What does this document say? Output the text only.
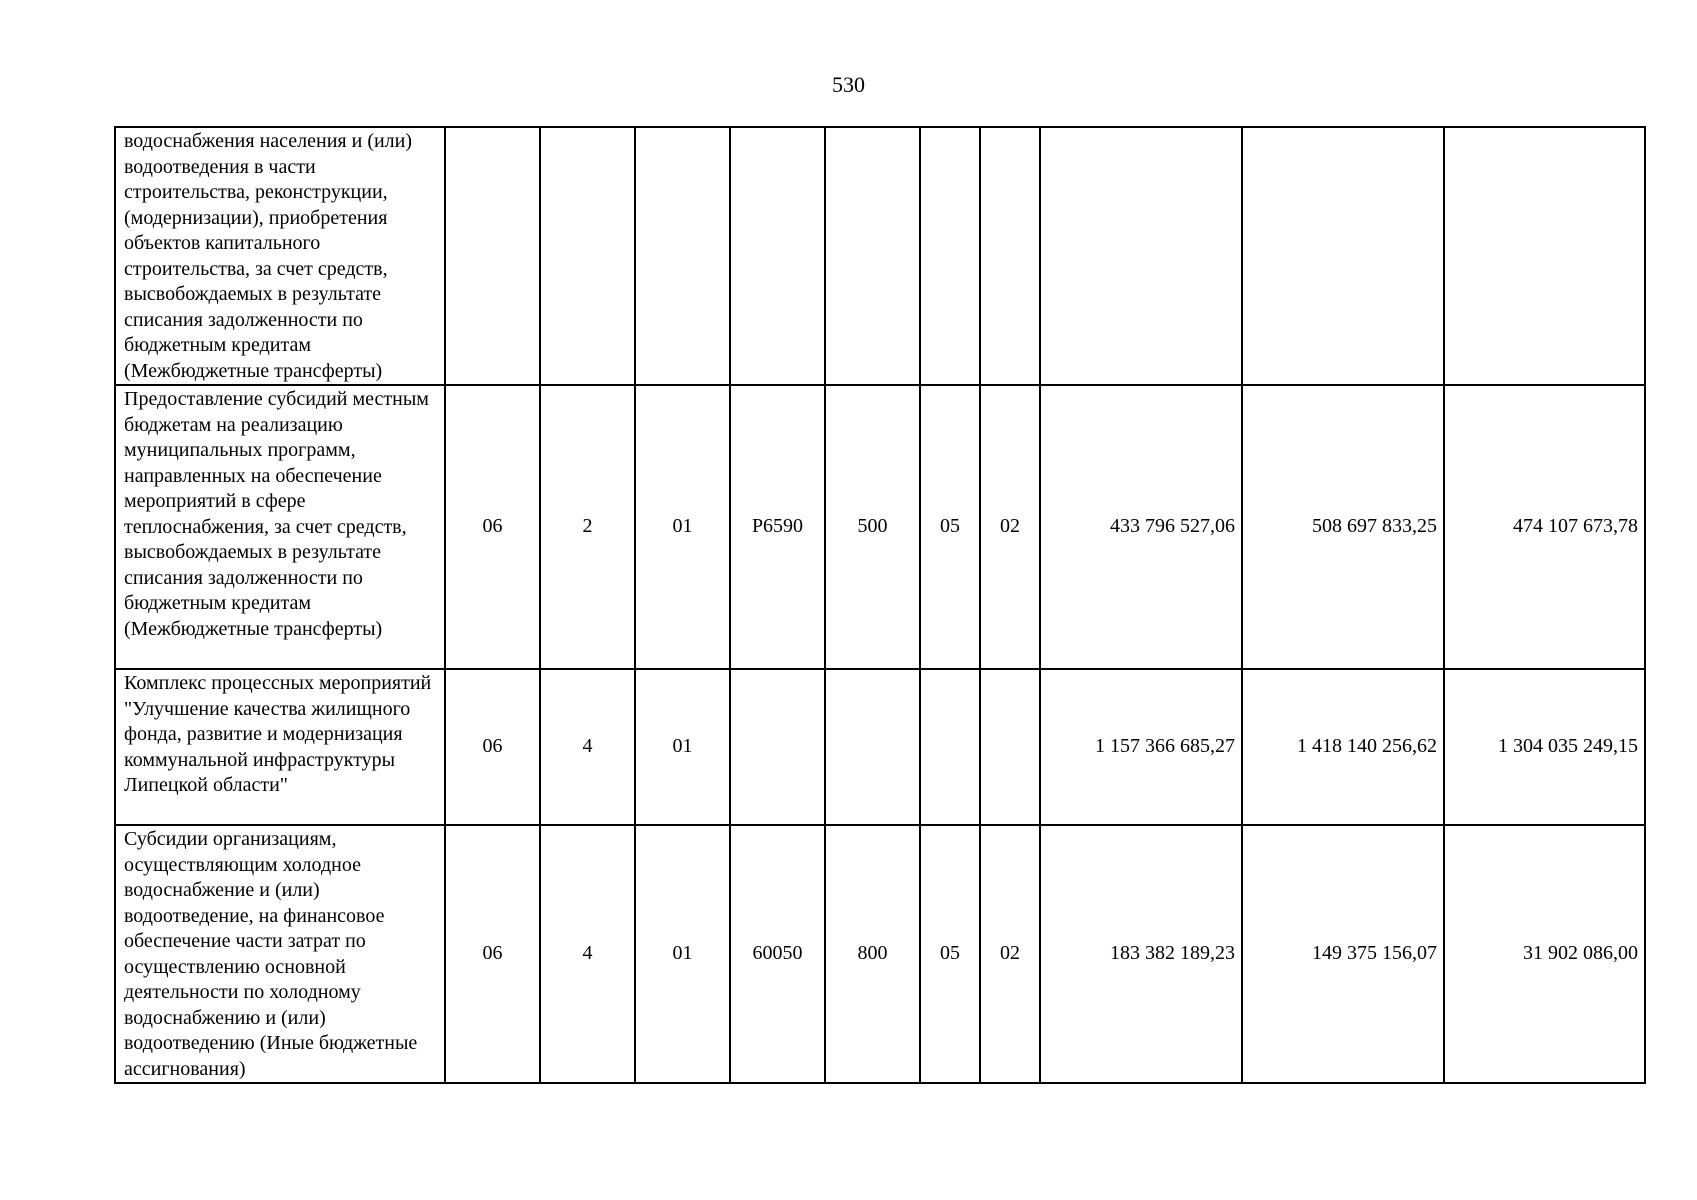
530
водоснабжения населения и (или) водоотведения в части строительства, реконструкции, (модернизации), приобретения объектов капитального строительства, за счет средств, высвобождаемых в результате списания задолженности по бюджетным кредитам (Межбюджетные трансферты)										
Предоставление субсидий местным бюджетам на реализацию муниципальных программ, направленных на обеспечение мероприятий в сфере теплоснабжения, за счет средств, высвобождаемых в результате списания задолженности по бюджетным кредитам (Межбюджетные трансферты)	06	2	01	Р6590	500	05	02	433 796 527,06	508 697 833,25	474 107 673,78
Комплекс процессных мероприятий "Улучшение качества жилищного фонда, развитие и модернизация коммунальной инфраструктуры Липецкой области"	06	4	01					1 157 366 685,27	1 418 140 256,62	1 304 035 249,15
Субсидии организациям, осуществляющим холодное водоснабжение и (или) водоотведение, на финансовое обеспечение части затрат по осуществлению основной деятельности по холодному водоснабжению и (или) водоотведению (Иные бюджетные ассигнования)	06	4	01	60050	800	05	02	183 382 189,23	149 375 156,07	31 902 086,00
